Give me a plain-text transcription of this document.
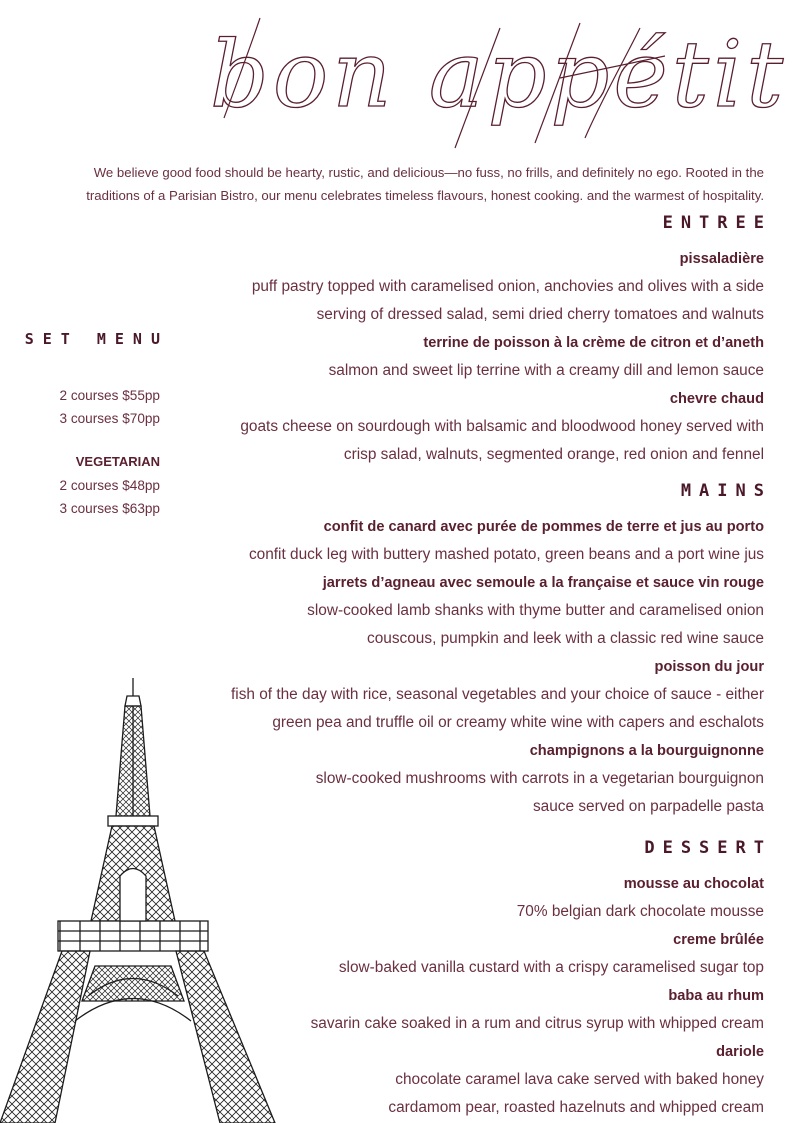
bon appétit

We believe good food should be hearty, rustic, and delicious—no fuss, no frills, and definitely no ego. Rooted in the
traditions of a Parisian Bistro, our menu celebrates timeless flavours, honest cooking. and the warmest of hospitality.

ENTREE
pissaladière
puff pastry topped with caramelised onion, anchovies and olives with a side
serving of dressed salad, semi dried cherry tomatoes and walnuts
terrine de poisson à la crème de citron et d’aneth
salmon and sweet lip terrine with a creamy dill and lemon sauce
chevre chaud
goats cheese on sourdough with balsamic and bloodwood honey served with
crisp salad, walnuts, segmented orange, red onion and fennel
MAINS
confit de canard avec purée de pommes de terre et jus au porto
confit duck leg with buttery mashed potato, green beans and a port wine jus
jarrets d’agneau avec semoule a la française et sauce vin rouge
slow-cooked lamb shanks with thyme butter and caramelised onion
couscous, pumpkin and leek with a classic red wine sauce
poisson du jour
fish of the day with rice, seasonal vegetables and your choice of sauce - either
green pea and truffle oil or creamy white wine with capers and eschalots
champignons a la bourguignonne
slow-cooked mushrooms with carrots in a vegetarian bourguignon
sauce served on parpadelle pasta
DESSERT
mousse au chocolat
70% belgian dark chocolate mousse
creme brûlée
slow-baked vanilla custard with a crispy caramelised sugar top
baba au rhum
savarin cake soaked in a rum and citrus syrup with whipped cream
dariole
chocolate caramel lava cake served with baked honey
cardamom pear, roasted hazelnuts and whipped cream
SET MENU

2 courses $55pp

3 courses $70pp

VEGETARIAN

2 courses $48pp

3 courses $63pp
